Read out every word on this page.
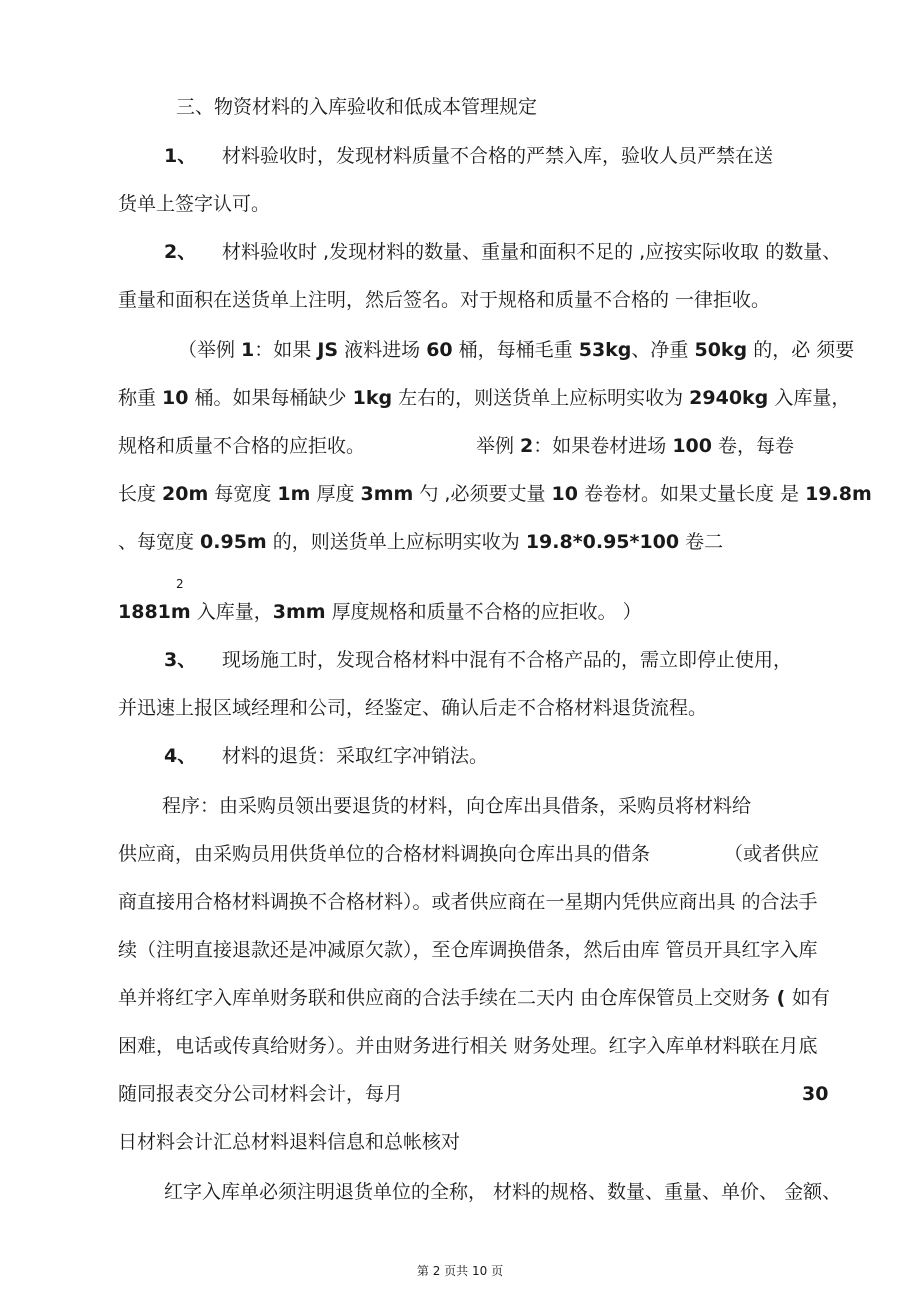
三、物资材料的入库验收和低成本管理规定
1、 材料验收时，发现材料质量不合格的严禁入库，验收人员严禁在送
货单上签字认可。
2、 材料验收时 ,发现材料的数量、重量和面积不足的 ,应按实际收取 的数量、
重量和面积在送货单上注明，然后签名。对于规格和质量不合格的 一律拒收。
（举例 1：如果 JS 液料进场 60 桶，每桶毛重 53kg、净重 50kg 的，必 须要
称重 10 桶。如果每桶缺少 1kg 左右的，则送货单上应标明实收为 2940kg 入库量，
规格和质量不合格的应拒收。	举例 2：如果卷材进场 100 卷，每卷
长度 20m 每宽度 1m 厚度 3mm 勺 ,必须要丈量 10 卷卷材。如果丈量长度 是 19.8m
、每宽度 0.95m 的，则送货单上应标明实收为 19.8*0.95*100 卷二
2
1881m 入库量，3mm 厚度规格和质量不合格的应拒收。 ）
3、 现场施工时，发现合格材料中混有不合格产品的，需立即停止使用，
并迅速上报区域经理和公司，经鉴定、确认后走不合格材料退货流程。
4、 材料的退货：采取红字冲销法。
程序：由采购员领出要退货的材料，向仓库出具借条，采购员将材料给
供应商，由采购员用供货单位的合格材料调换向仓库出具的借条	（或者供应
商直接用合格材料调换不合格材料）。或者供应商在一星期内凭供应商出具 的合法手
续（注明直接退款还是冲减原欠款），至仓库调换借条，然后由库 管员开具红字入库
单并将红字入库单财务联和供应商的合法手续在二天内 由仓库保管员上交财务 ( 如有
困难，电话或传真给财务）。并由财务进行相关 财务处理。红字入库单材料联在月底
随同报表交分公司材料会计，每月	30
日材料会计汇总材料退料信息和总帐核对
红字入库单必须注明退货单位的全称， 材料的规格、数量、重量、单价、 金额、
第 2 页共 10 页
